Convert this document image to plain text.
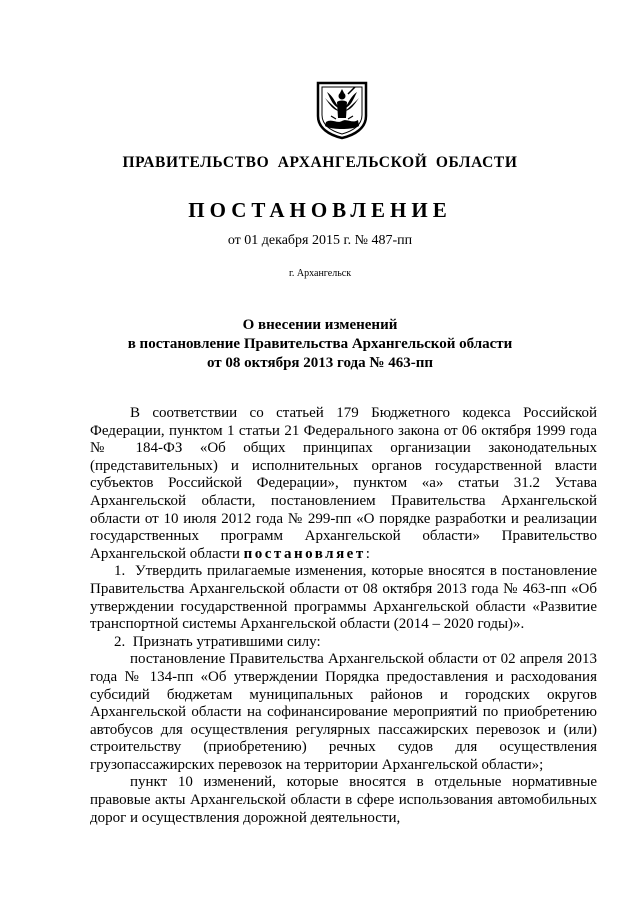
ПРАВИТЕЛЬСТВО АРХАНГЕЛЬСКОЙ ОБЛАСТИ
ПОСТАНОВЛЕНИЕ
от 01 декабря 2015 г. № 487-пп
г. Архангельск
О внесении изменений
в постановление Правительства Архангельской области
от 08 октября 2013 года № 463-пп

В соответствии со статьей 179 Бюджетного кодекса Российской Федерации, пунктом 1 статьи 21 Федерального закона от 06 октября 1999 года № 184-ФЗ «Об общих принципах организации законодательных (представительных) и исполнительных органов государственной власти субъектов Российской Федерации», пунктом «а» статьи 31.2 Устава Архангельской области, постановлением Правительства Архангельской области от 10 июля 2012 года № 299-пп «О порядке разработки и реализации государственных программ Архангельской области» Правительство Архангельской области постановляет:

1.  Утвердить прилагаемые изменения, которые вносятся в постановление Правительства Архангельской области от 08 октября 2013 года № 463-пп «Об утверждении государственной программы Архангельской области «Развитие транспортной системы Архангельской области (2014 – 2020 годы)».

2.  Признать утратившими силу:

постановление Правительства Архангельской области от 02 апреля 2013 года № 134-пп «Об утверждении Порядка предоставления и расходования субсидий бюджетам муниципальных районов и городских округов Архангельской области на софинансирование мероприятий по приобретению автобусов для осуществления регулярных пассажирских перевозок и (или) строительству (приобретению) речных судов для осуществления грузопассажирских перевозок на территории Архангельской области»;

пункт 10 изменений, которые вносятся в отдельные нормативные правовые акты Архангельской области в сфере использования автомобильных дорог и осуществления дорожной деятельности,
